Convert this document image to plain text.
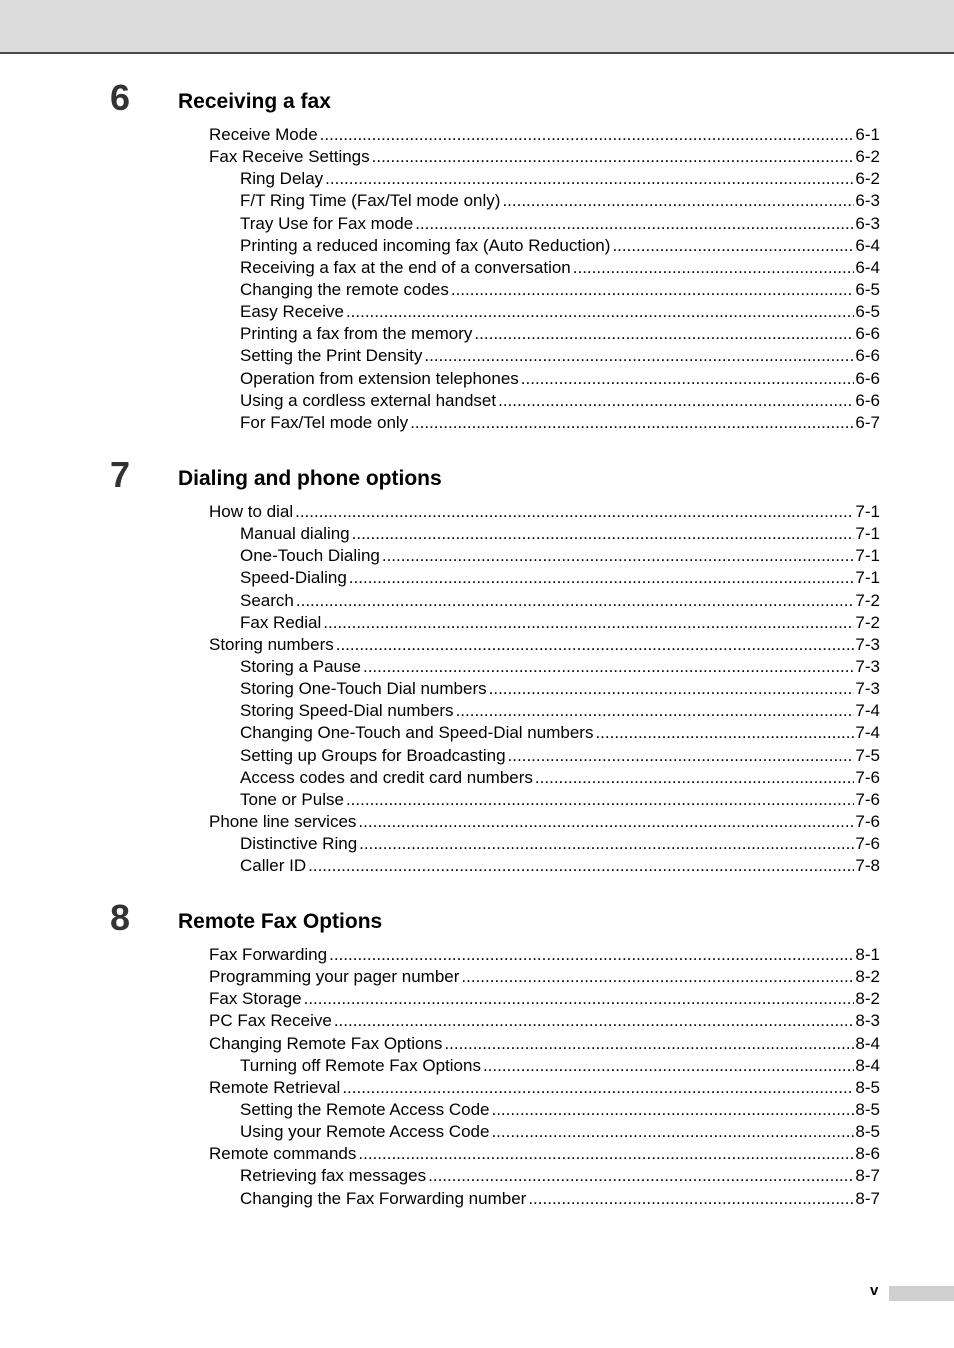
6 Receiving a fax
Receive Mode .....	6-1
Fax Receive Settings .....	6-2
Ring Delay .....	6-2
F/T Ring Time (Fax/Tel mode only) .....	6-3
Tray Use for Fax mode .....	6-3
Printing a reduced incoming fax (Auto Reduction) .....	6-4
Receiving a fax at the end of a conversation .....	6-4
Changing the remote codes .....	6-5
Easy Receive .....	6-5
Printing a fax from the memory .....	6-6
Setting the Print Density .....	6-6
Operation from extension telephones .....	6-6
Using a cordless external handset .....	6-6
For Fax/Tel mode only .....	6-7
7 Dialing and phone options
How to dial .....	7-1
Manual dialing .....	7-1
One-Touch Dialing .....	7-1
Speed-Dialing .....	7-1
Search .....	7-2
Fax Redial .....	7-2
Storing numbers .....	7-3
Storing a Pause .....	7-3
Storing One-Touch Dial numbers .....	7-3
Storing Speed-Dial numbers .....	7-4
Changing One-Touch and Speed-Dial numbers .....	7-4
Setting up Groups for Broadcasting .....	7-5
Access codes and credit card numbers .....	7-6
Tone or Pulse .....	7-6
Phone line services .....	7-6
Distinctive Ring .....	7-6
Caller ID .....	7-8
8 Remote Fax Options
Fax Forwarding .....	8-1
Programming your pager number .....	8-2
Fax Storage .....	8-2
PC Fax Receive .....	8-3
Changing Remote Fax Options .....	8-4
Turning off Remote Fax Options .....	8-4
Remote Retrieval .....	8-5
Setting the Remote Access Code .....	8-5
Using your Remote Access Code .....	8-5
Remote commands .....	8-6
Retrieving fax messages .....	8-7
Changing the Fax Forwarding number .....	8-7
v
